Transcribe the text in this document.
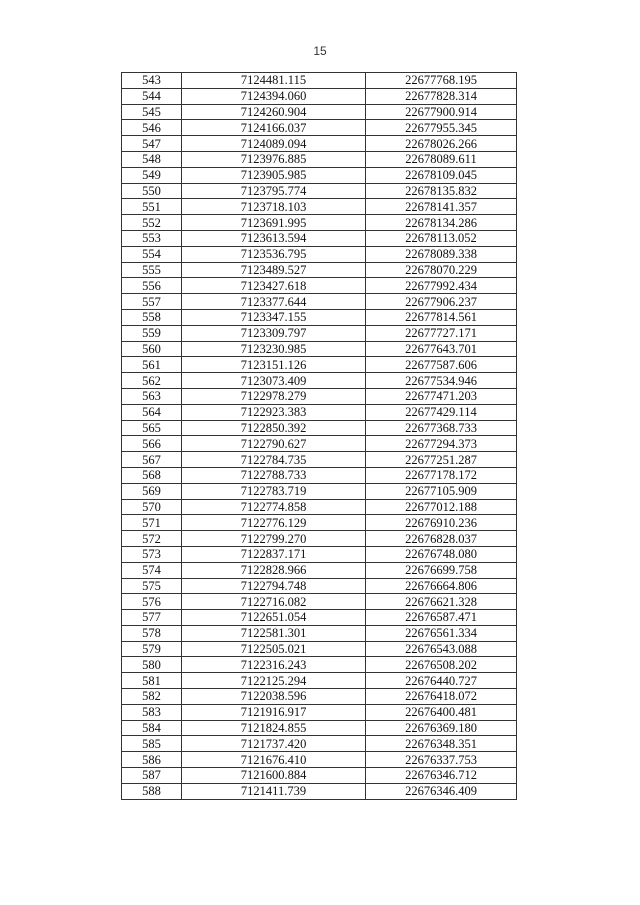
15
543	7124481.115	22677768.195
544	7124394.060	22677828.314
545	7124260.904	22677900.914
546	7124166.037	22677955.345
547	7124089.094	22678026.266
548	7123976.885	22678089.611
549	7123905.985	22678109.045
550	7123795.774	22678135.832
551	7123718.103	22678141.357
552	7123691.995	22678134.286
553	7123613.594	22678113.052
554	7123536.795	22678089.338
555	7123489.527	22678070.229
556	7123427.618	22677992.434
557	7123377.644	22677906.237
558	7123347.155	22677814.561
559	7123309.797	22677727.171
560	7123230.985	22677643.701
561	7123151.126	22677587.606
562	7123073.409	22677534.946
563	7122978.279	22677471.203
564	7122923.383	22677429.114
565	7122850.392	22677368.733
566	7122790.627	22677294.373
567	7122784.735	22677251.287
568	7122788.733	22677178.172
569	7122783.719	22677105.909
570	7122774.858	22677012.188
571	7122776.129	22676910.236
572	7122799.270	22676828.037
573	7122837.171	22676748.080
574	7122828.966	22676699.758
575	7122794.748	22676664.806
576	7122716.082	22676621.328
577	7122651.054	22676587.471
578	7122581.301	22676561.334
579	7122505.021	22676543.088
580	7122316.243	22676508.202
581	7122125.294	22676440.727
582	7122038.596	22676418.072
583	7121916.917	22676400.481
584	7121824.855	22676369.180
585	7121737.420	22676348.351
586	7121676.410	22676337.753
587	7121600.884	22676346.712
588	7121411.739	22676346.409
